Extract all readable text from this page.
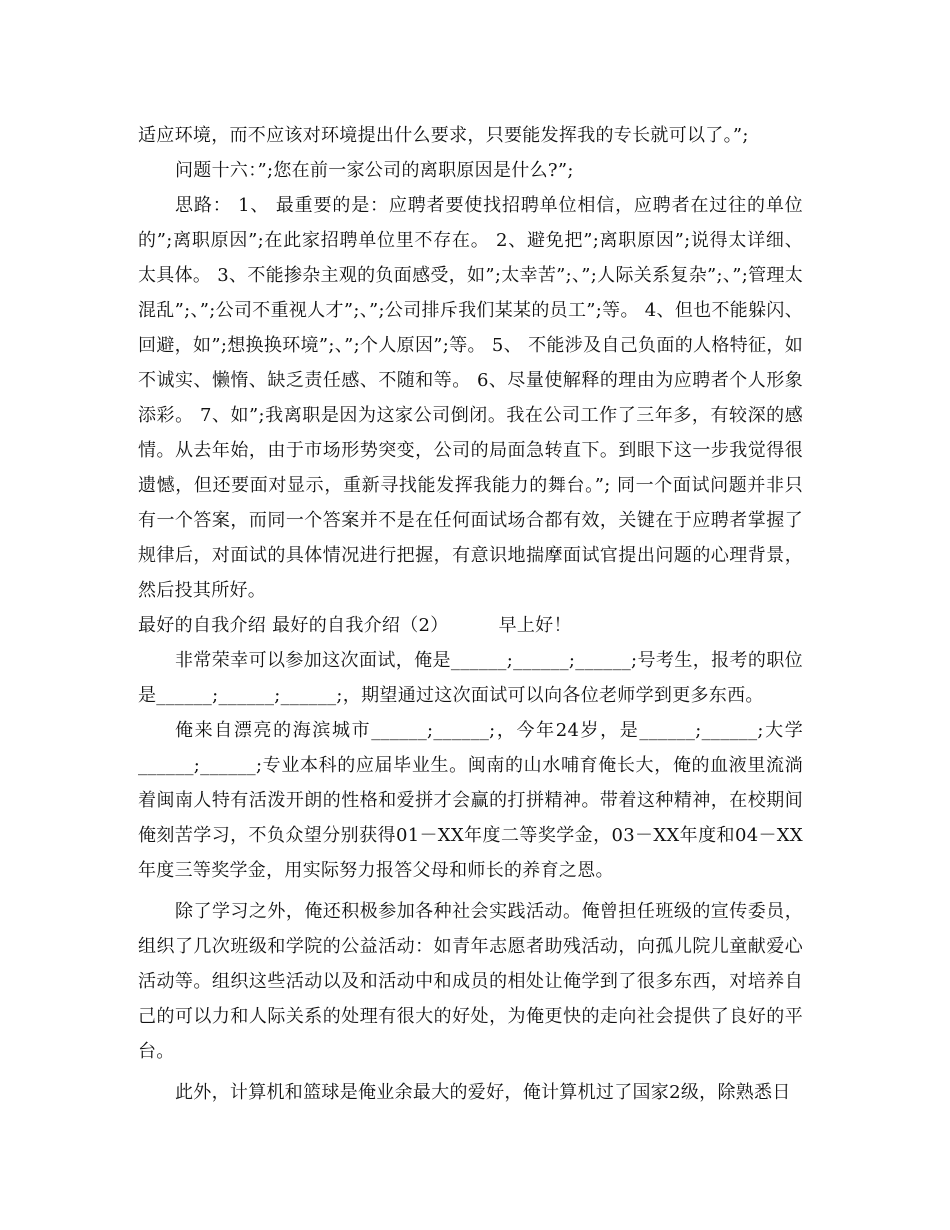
适应环境，而不应该对环境提出什么要求，只要能发挥我的专长就可以了。”;

问题十六：”;您在前一家公司的离职原因是什么?”;

思路： 1、 最重要的是：应聘者要使找招聘单位相信，应聘者在过往的单位的”;离职原因”;在此家招聘单位里不存在。 2、避免把”;离职原因”;说得太详细、太具体。 3、不能掺杂主观的负面感受，如”;太幸苦”;、”;人际关系复杂”;、”;管理太混乱”;、”;公司不重视人才”;、”;公司排斥我们某某的员工”;等。 4、但也不能躲闪、回避，如”;想换换环境”;、”;个人原因”;等。 5、 不能涉及自己负面的人格特征，如不诚实、懒惰、缺乏责任感、不随和等。 6、尽量使解释的理由为应聘者个人形象添彩。 7、如”;我离职是因为这家公司倒闭。我在公司工作了三年多，有较深的感情。从去年始，由于市场形势突变，公司的局面急转直下。到眼下这一步我觉得很遗憾，但还要面对显示，重新寻找能发挥我能力的舞台。”; 同一个面试问题并非只有一个答案，而同一个答案并不是在任何面试场合都有效，关键在于应聘者掌握了规律后，对面试的具体情况进行把握，有意识地揣摩面试官提出问题的心理背景，然后投其所好。

最好的自我介绍 最好的自我介绍（2）	早上好！

非常荣幸可以参加这次面试，俺是______;______;______;号考生，报考的职位是______;______;______;，期望通过这次面试可以向各位老师学到更多东西。

俺来自漂亮的海滨城市______;______;，今年24岁，是______;______;大学______;______;专业本科的应届毕业生。闽南的山水哺育俺长大，俺的血液里流淌着闽南人特有活泼开朗的性格和爱拼才会赢的打拼精神。带着这种精神，在校期间俺刻苦学习，不负众望分别获得01－XX年度二等奖学金，03－XX年度和04－XX年度三等奖学金，用实际努力报答父母和师长的养育之恩。

除了学习之外，俺还积极参加各种社会实践活动。俺曾担任班级的宣传委员，组织了几次班级和学院的公益活动：如青年志愿者助残活动，向孤儿院儿童献爱心活动等。组织这些活动以及和活动中和成员的相处让俺学到了很多东西，对培养自己的可以力和人际关系的处理有很大的好处，为俺更快的走向社会提供了良好的平台。

此外，计算机和篮球是俺业余最大的爱好，俺计算机过了国家2级，除熟悉日
